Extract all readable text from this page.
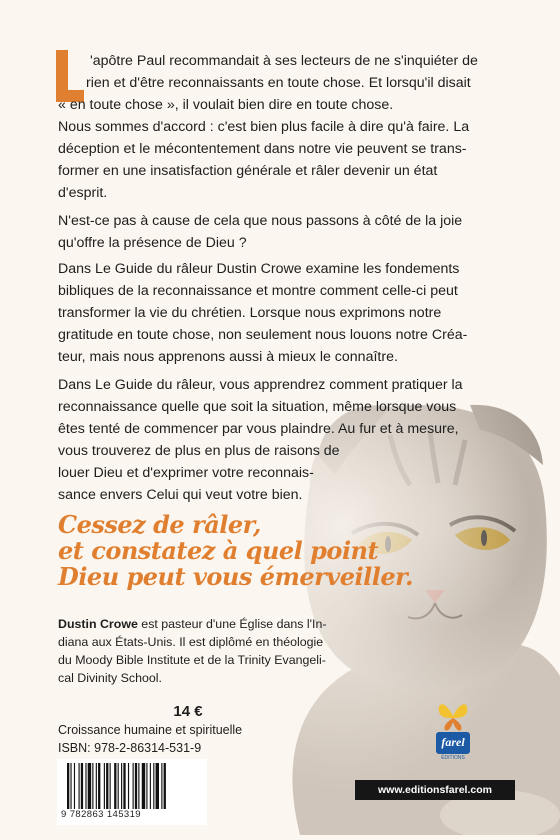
'apôtre Paul recommandait à ses lecteurs de ne s'inquiéter de
rien et d'être reconnaissants en toute chose. Et lorsqu'il disait
« en toute chose », il voulait bien dire en toute chose.
Nous sommes d'accord : c'est bien plus facile à dire qu'à faire. La
déception et le mécontentement dans notre vie peuvent se trans-
former en une insatisfaction générale et râler devenir un état
d'esprit.
N'est-ce pas à cause de cela que nous passons à côté de la joie
qu'offre la présence de Dieu ?
Dans Le Guide du râleur Dustin Crowe examine les fondements
bibliques de la reconnaissance et montre comment celle-ci peut
transformer la vie du chrétien. Lorsque nous exprimons notre
gratitude en toute chose, non seulement nous louons notre Créa-
teur, mais nous apprenons aussi à mieux le connaître.
Dans Le Guide du râleur, vous apprendrez comment pratiquer la
reconnaissance quelle que soit la situation, même lorsque vous
êtes tenté de commencer par vous plaindre. Au fur et à mesure,
vous trouverez de plus en plus de raisons de
louer Dieu et d'exprimer votre reconnais-
sance envers Celui qui veut votre bien.
Cessez de râler,
et constatez à quel point
Dieu peut vous émerveiller.
Dustin Crowe est pasteur d'une Église dans l'In-
diana aux États-Unis. Il est diplômé en théologie
du Moody Bible Institute et de la Trinity Evangeli-
cal Divinity School.
14 €
Croissance humaine et spirituelle
ISBN: 978-2-86314-531-9
9 782863 145319
farel
ÉDITIONS
www.editionsfarel.com
